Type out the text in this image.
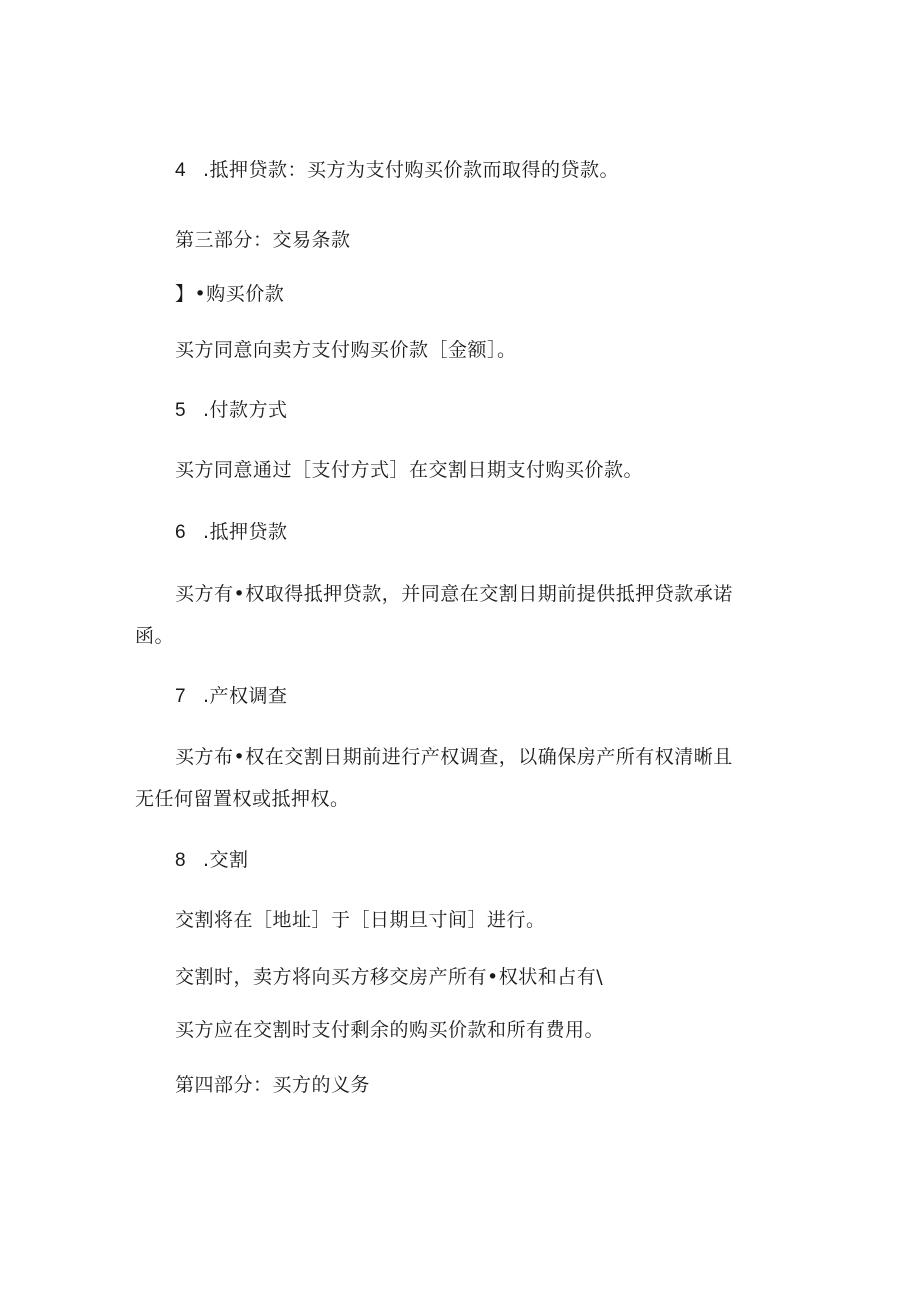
4 .抵押贷款：买方为支付购买价款而取得的贷款。
第三部分：交易条款
】•购买价款
买方同意向卖方支付购买价款［金额］。
5 .付款方式
买方同意通过［支付方式］在交割日期支付购买价款。
6 .抵押贷款
买方有•权取得抵押贷款，并同意在交割日期前提供抵押贷款承诺
函。
7 .产权调查
买方布•权在交割日期前进行产权调查，以确保房产所有权清晰且
无任何留置权或抵押权。
8 .交割
交割将在［地址］于［日期旦寸间］进行。
交割时，卖方将向买方移交房产所有•权状和占有\
买方应在交割时支付剩余的购买价款和所有费用。
第四部分：买方的义务
